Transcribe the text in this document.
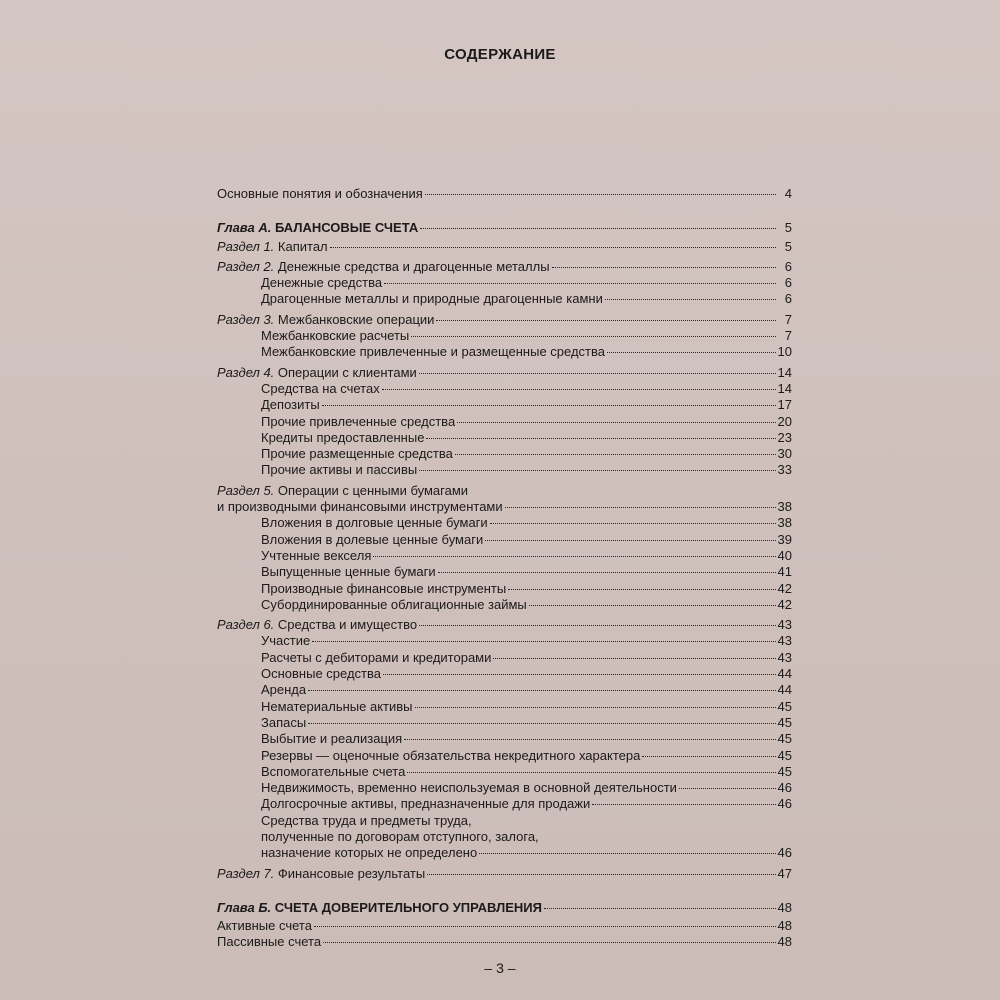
СОДЕРЖАНИЕ
Основные понятия и обозначения	4
Глава А. БАЛАНСОВЫЕ СЧЕТА	5
Раздел 1. Капитал	5
Раздел 2. Денежные средства и драгоценные металлы	6
Денежные средства	6
Драгоценные металлы и природные драгоценные камни	6
Раздел 3. Межбанковские операции	7
Межбанковские расчеты	7
Межбанковские привлеченные и размещенные средства	10
Раздел 4. Операции с клиентами	14
Средства на счетах	14
Депозиты	17
Прочие привлеченные средства	20
Кредиты предоставленные	23
Прочие размещенные средства	30
Прочие активы и пассивы	33
Раздел 5. Операции с ценными бумагами
и производными финансовыми инструментами	38
Вложения в долговые ценные бумаги	38
Вложения в долевые ценные бумаги	39
Учтенные векселя	40
Выпущенные ценные бумаги	41
Производные финансовые инструменты	42
Субординированные облигационные займы	42
Раздел 6. Средства и имущество	43
Участие	43
Расчеты с дебиторами и кредиторами	43
Основные средства	44
Аренда	44
Нематериальные активы	45
Запасы	45
Выбытие и реализация	45
Резервы — оценочные обязательства некредитного характера	45
Вспомогательные счета	45
Недвижимость, временно неиспользуемая в основной деятельности	46
Долгосрочные активы, предназначенные для продажи	46
Средства труда и предметы труда,
полученные по договорам отступного, залога,
назначение которых не определено	46
Раздел 7. Финансовые результаты	47
Глава Б. СЧЕТА ДОВЕРИТЕЛЬНОГО УПРАВЛЕНИЯ	48
Активные счета	48
Пассивные счета	48
– 3 –
